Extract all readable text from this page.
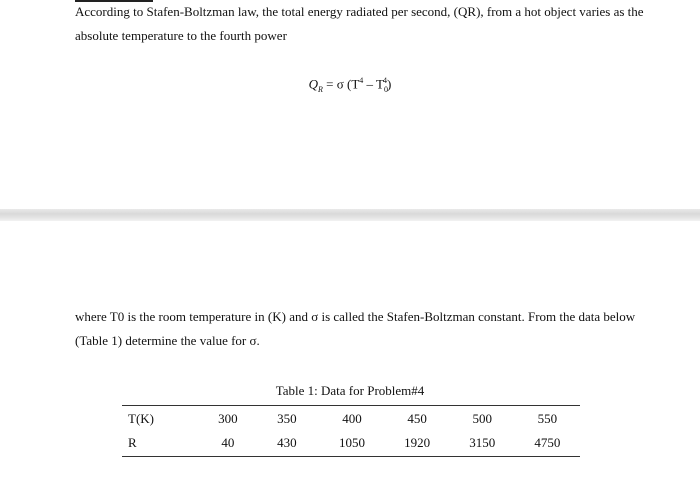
According to Stafen-Boltzman law, the total energy radiated per second, (QR), from a hot object varies as the absolute temperature to the fourth power

$Q_R = \sigma$ $(T^4 - T_0^4)$

where T0 is the room temperature in (K) and σ is called the Stafen-Boltzman constant. From the data below (Table 1) determine the value for σ.

Table 1: Data for Problem#4
T(K)	300	350	400	450	500	550
R	40	430	1050	1920	3150	4750
